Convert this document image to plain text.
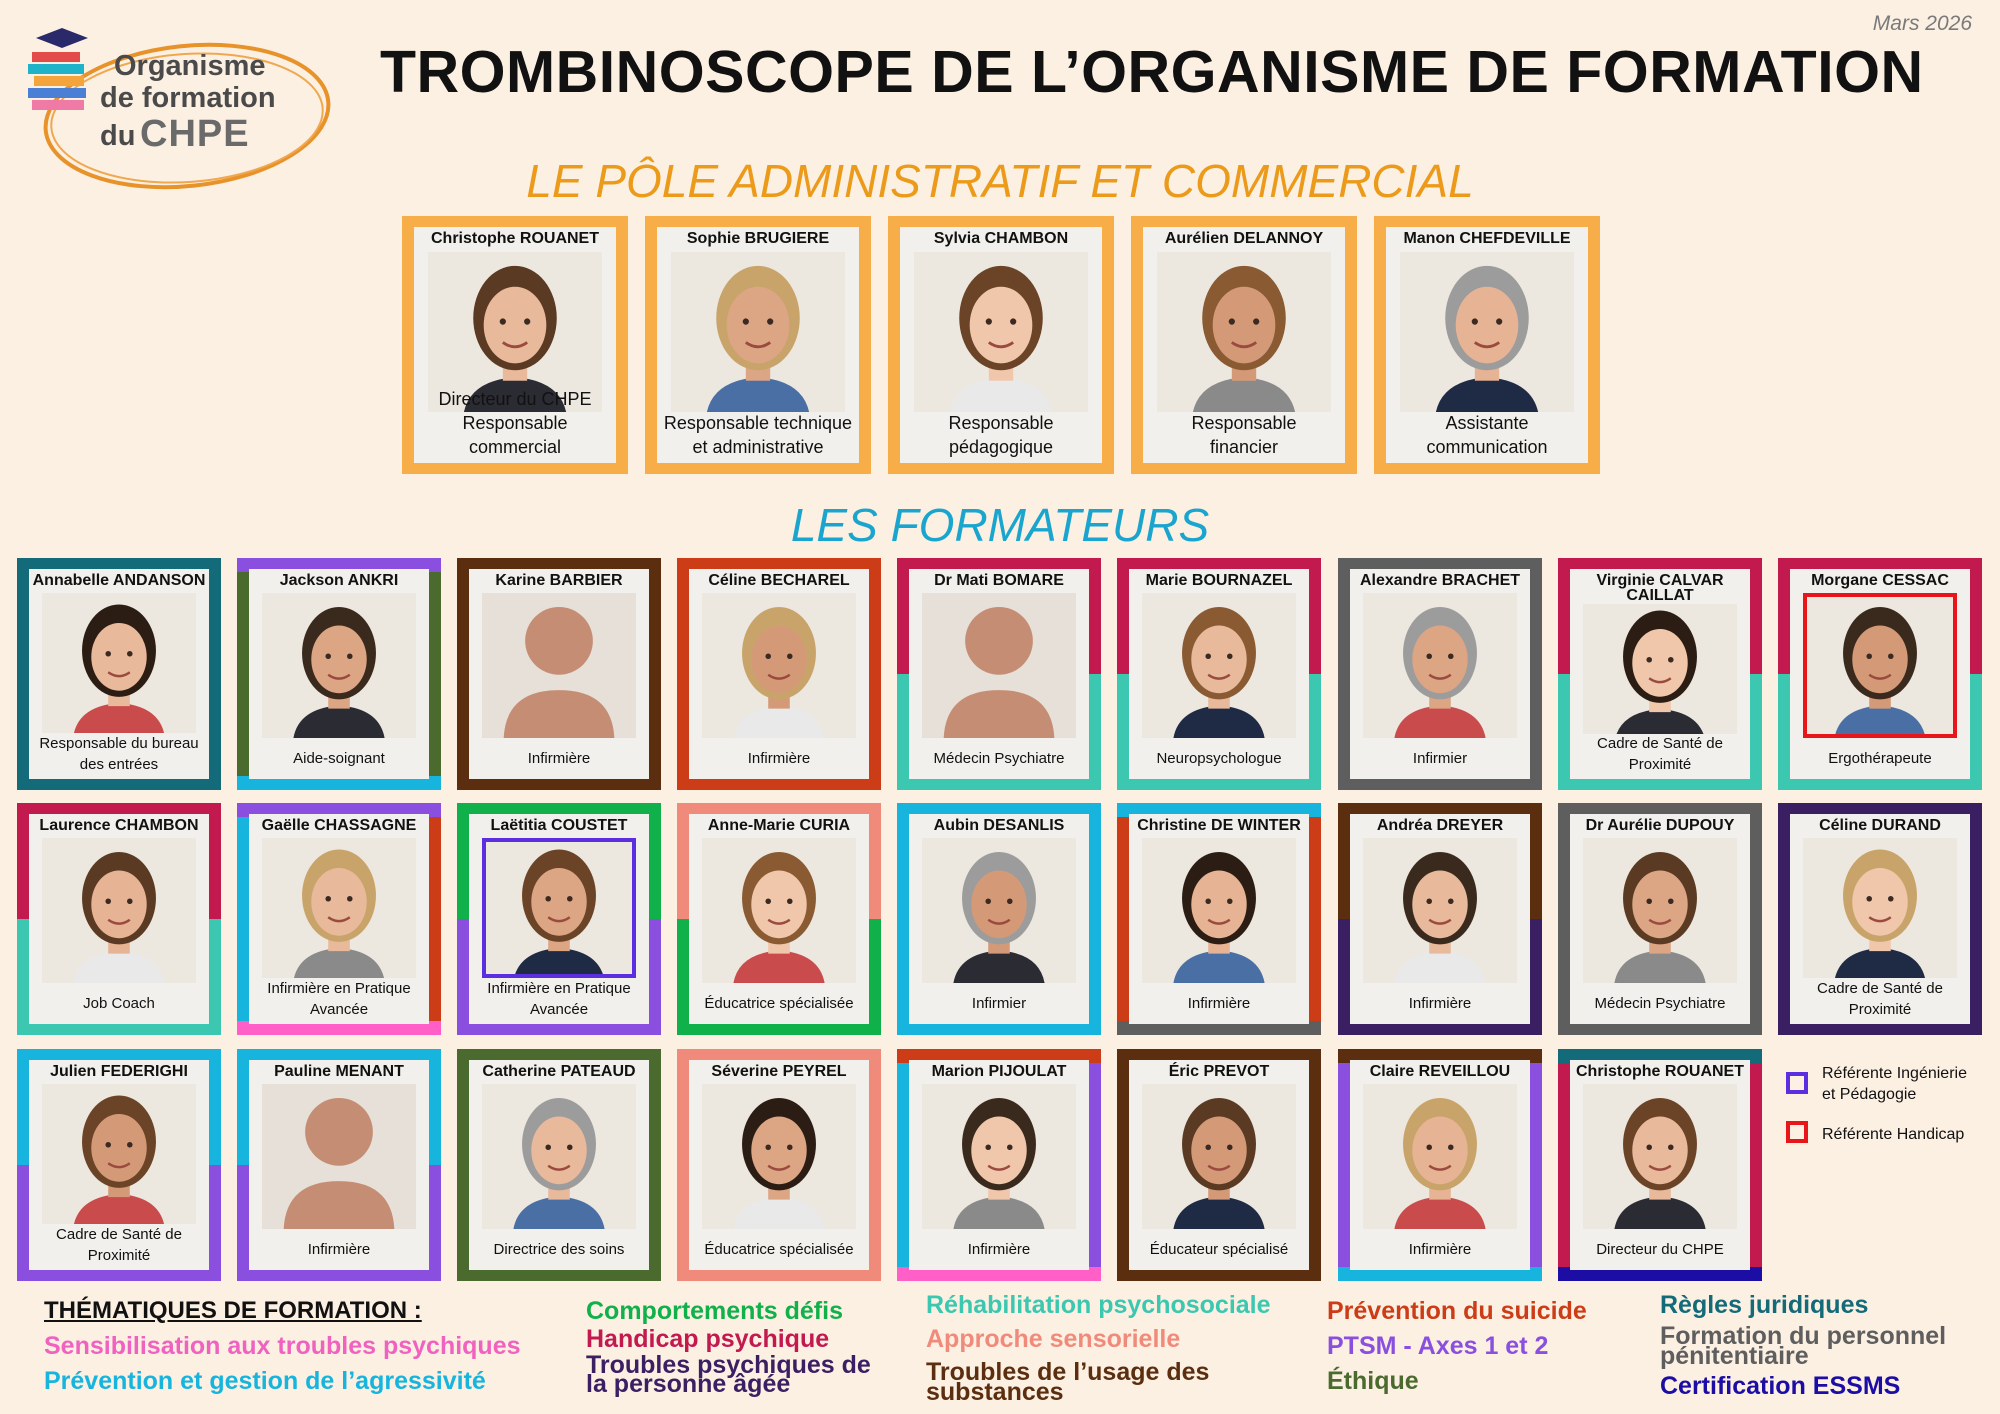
Mars 2026
Organisme
de formation
du CHPE
TROMBINOSCOPE DE L’ORGANISME DE FORMATION
LE PÔLE ADMINISTRATIF ET COMMERCIAL
LES FORMATEURS
Christophe ROUANET
Directeur du CHPE
Responsable commercial
Sophie BRUGIERE
Responsable technique
et administrative
Sylvia CHAMBON
Responsable
pédagogique
Aurélien DELANNOY
Responsable
financier
Manon CHEFDEVILLE
Assistante
communication
Annabelle ANDANSON
Responsable du bureau
des entrées
Jackson ANKRI
Aide-soignant
Karine BARBIER
Infirmière
Céline BECHAREL
Infirmière
Dr Mati BOMARE
Médecin Psychiatre
Marie BOURNAZEL
Neuropsychologue
Alexandre BRACHET
Infirmier
Virginie CALVAR CAILLAT
Cadre de Santé de
Proximité
Morgane CESSAC
Ergothérapeute
Laurence CHAMBON
Job Coach
Gaëlle CHASSAGNE
Infirmière en Pratique
Avancée
Laëtitia COUSTET
Infirmière en Pratique
Avancée
Anne-Marie CURIA
Éducatrice spécialisée
Aubin DESANLIS
Infirmier
Christine DE WINTER
Infirmière
Andréa DREYER
Infirmière
Dr Aurélie DUPOUY
Médecin Psychiatre
Céline DURAND
Cadre de Santé de
Proximité
Julien FEDERIGHI
Cadre de Santé de
Proximité
Pauline MENANT
Infirmière
Catherine PATEAUD
Directrice des soins
Séverine PEYREL
Éducatrice spécialisée
Marion PIJOULAT
Infirmière
Éric PREVOT
Éducateur spécialisé
Claire REVEILLOU
Infirmière
Christophe ROUANET
Directeur du CHPE
Référente Ingénierie
et Pédagogie
Référente Handicap
THÉMATIQUES DE FORMATION :
Sensibilisation aux troubles psychiques
Prévention et gestion de l’agressivité
Comportements défis
Handicap psychique
Troubles psychiques de la personne âgée
Réhabilitation psychosociale
Approche sensorielle
Troubles de l’usage des substances
Prévention du suicide
PTSM - Axes 1 et 2
Éthique
Règles juridiques
Formation du personnel pénitentiaire
Certification ESSMS
